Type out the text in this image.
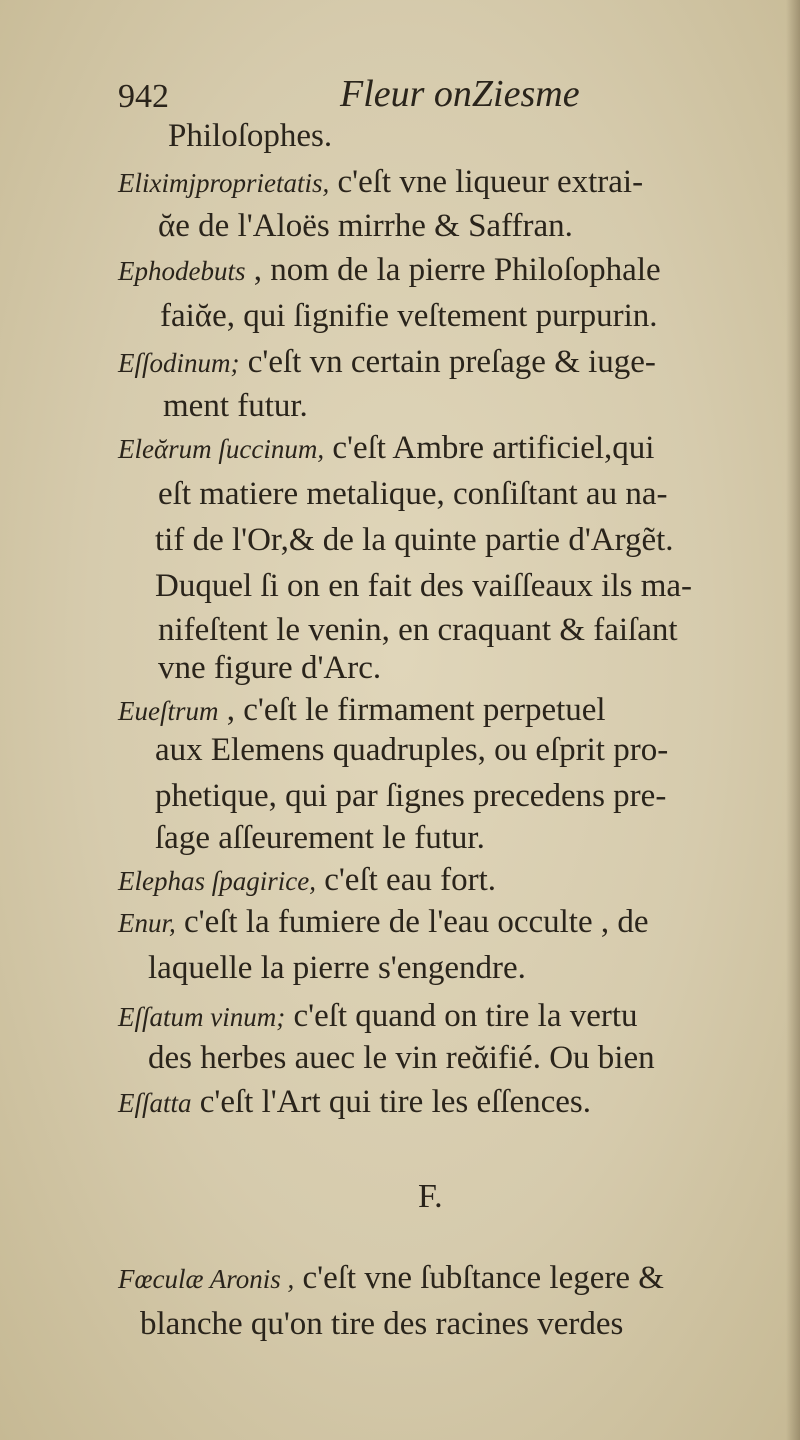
942	Fleur onZiesme
Philoſophes.
Eliximjproprietatis, c'eſt vne liqueur extrai-
ᾰe de l'Aloës mirrhe & Saffran.
Ephodebuts , nom de la pierre Philoſophale
faiᾰe, qui ſignifie veſtement purpurin.
Eſſodinum; c'eſt vn certain preſage & iuge-
ment futur.
Eleᾰrum ſuccinum, c'eſt Ambre artificiel,qui
eſt matiere metalique, conſiſtant au na-
tif de l'Or,& de la quinte partie d'Argẽt.
Duquel ſi on en fait des vaiſſeaux ils ma-
nifeſtent le venin, en craquant & faiſant
vne figure d'Arc.
Eueſtrum , c'eſt le firmament perpetuel
aux Elemens quadruples, ou eſprit pro-
phetique, qui par ſignes precedens pre-
ſage aſſeurement le futur.
Elephas ſpagirice, c'eſt eau fort.
Enur, c'eſt la fumiere de l'eau occulte , de
laquelle la pierre s'engendre.
Eſſatum vinum; c'eſt quand on tire la vertu
des herbes auec le vin reᾰifié. Ou bien
Eſſatta c'eſt l'Art qui tire les eſſences.
F.
Fœculæ Aronis , c'eſt vne ſubſtance legere &
blanche qu'on tire des racines verdes
